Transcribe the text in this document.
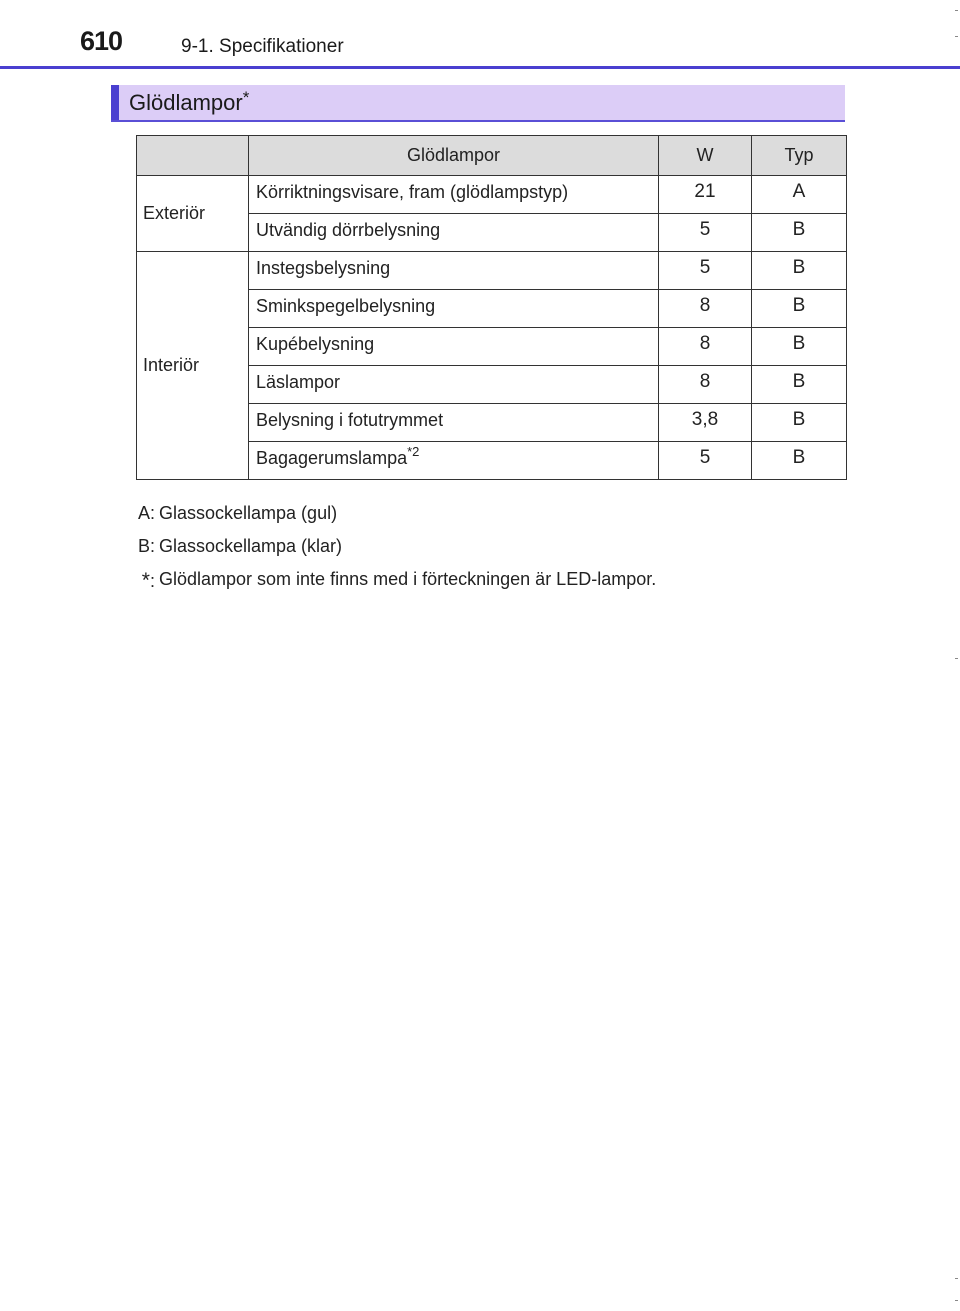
610	9-1. Specifikationer
Glödlampor*
	Glödlampor	W	Typ
Exteriör	Körriktningsvisare, fram (glödlampstyp)	21	A
	Utvändig dörrbelysning	5	B
Interiör	Instegsbelysning	5	B
	Sminkspegelbelysning	8	B
	Kupébelysning	8	B
	Läslampor	8	B
	Belysning i fotutrymmet	3,8	B
	Bagagerumslampa$^{*2}$	5	B
A: Glassockellampa (gul)
B: Glassockellampa (klar)
*: Glödlampor som inte finns med i förteckningen är LED-lampor.
